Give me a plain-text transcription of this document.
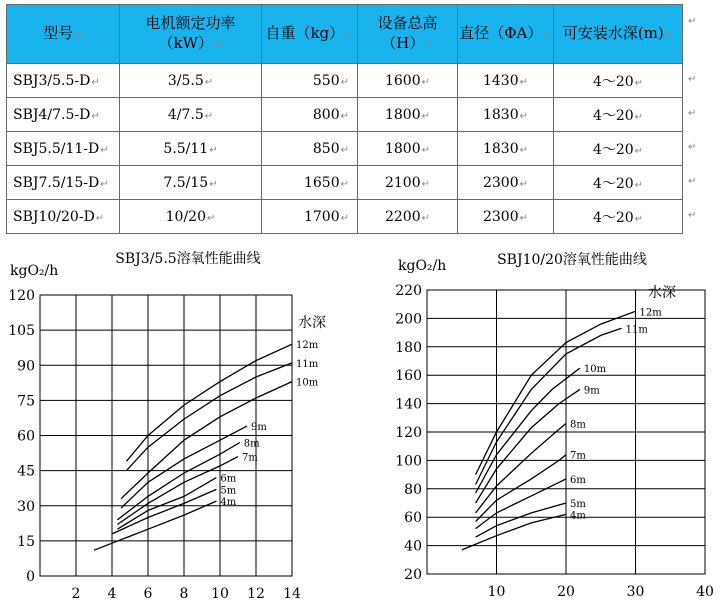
型号↵	电机额定功率
（kW）↵	自重（kg）↵	设备总高
（H）↵	直径（ΦA）↵	可安装水深(m)↵
SBJ3/5.5-D↵	3/5.5↵	550↵	1600↵	1430↵	4～20↵
SBJ4/7.5-D↵	4/7.5↵	800↵	1800↵	1830↵	4～20↵
SBJ5.5/11-D↵	5.5/11↵	850↵	1800↵	1830↵	4～20↵
SBJ7.5/15-D↵	7.5/15↵	1650↵	2100↵	2300↵	4～20↵
SBJ10/20-D↵	10/20↵	1700↵	2200↵	2300↵	4～20↵
↵
↵
↵
↵
↵
↵
0
15
30
45
60
75
90
105
120
2 4 6 8 10 12 14
SBJ3/5.5溶氧性能曲线
kgO₂/h
水深
12m
11m
10m
9m
8m
7m
6m
5m
4m
20
40
60
80
100
120
140
160
180
200
220
10	20	30	40
SBJ10/20溶氧性能曲线
kgO₂/h
水深
12m
11m
10m
9m
8m
7m
6m
5m
4m
